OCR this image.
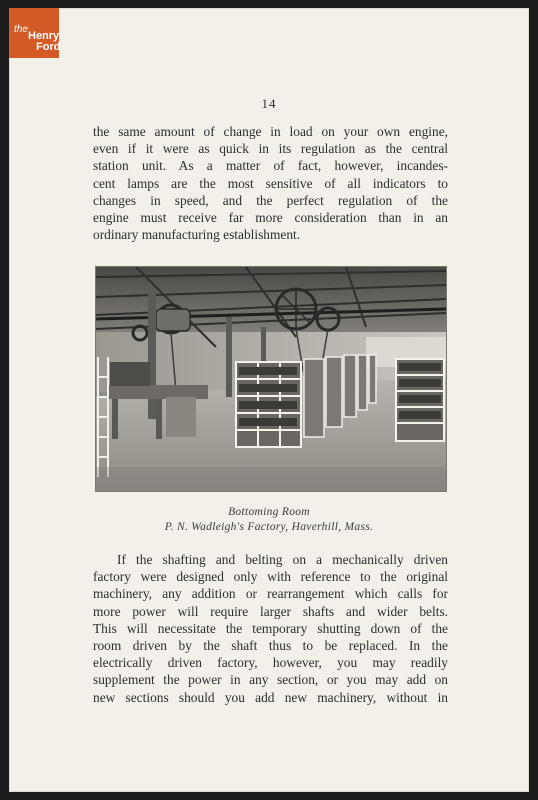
the
Henry
Ford
14
the same amount of change in load on your own engine,
even if it were as quick in its regulation as the central
station unit. As a matter of fact, however, incandes-
cent lamps are the most sensitive of all indicators to
changes in speed, and the perfect regulation of the
engine must receive far more consideration than in an
ordinary manufacturing establishment.
Bottoming Room
P. N. Wadleigh's Factory, Haverhill, Mass.
If the shafting and belting on a mechanically driven
factory were designed only with reference to the original
machinery, any addition or rearrangement which calls for
more power will require larger shafts and wider belts.
This will necessitate the temporary shutting down of the
room driven by the shaft thus to be replaced. In the
electrically driven factory, however, you may readily
supplement the power in any section, or you may add on
new sections should you add new machinery, without in
